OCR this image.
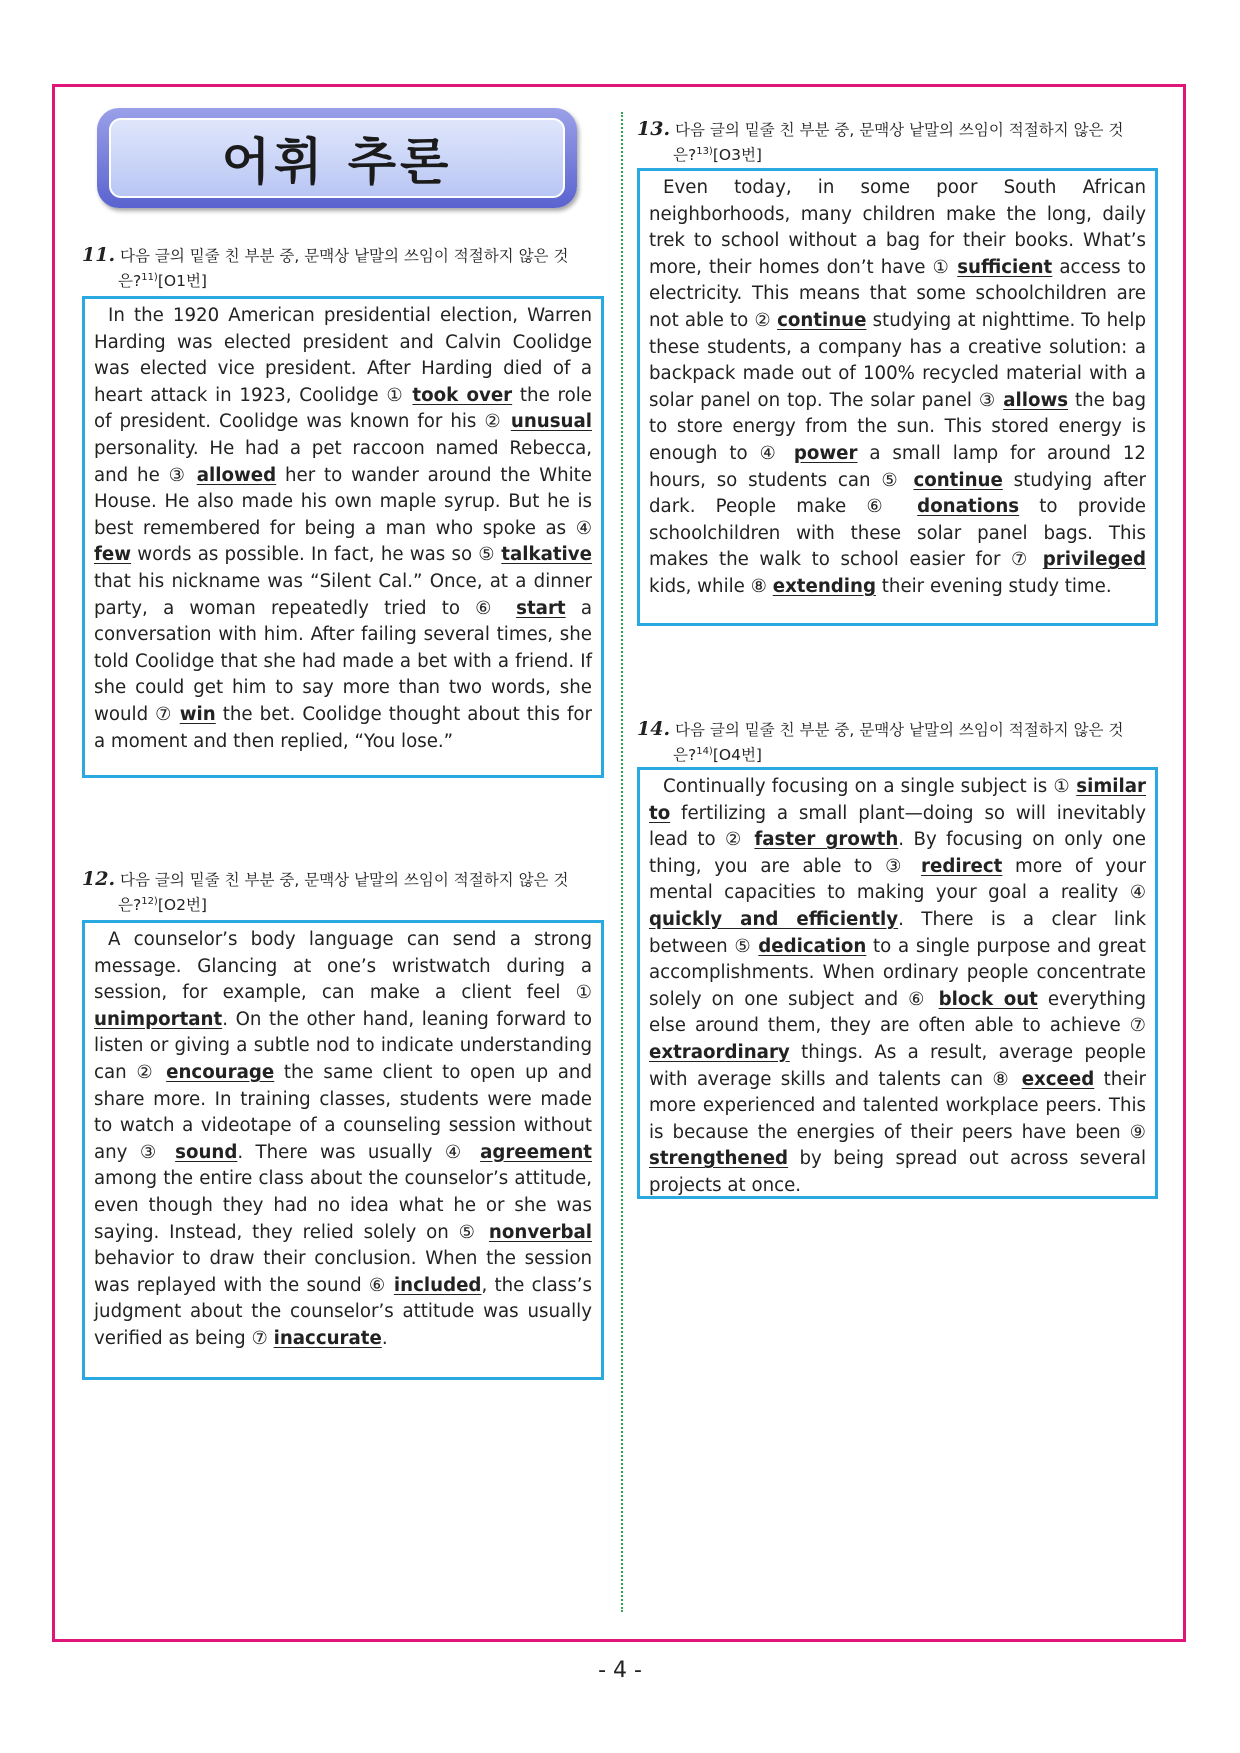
어휘 추론
11. 다음 글의 밑줄 친 부분 중, 문맥상 낱말의 쓰임이 적절하지 않은 것
은?$^{11)}$[O1번]

In the 1920 American presidential election, Warren Harding was elected president and Calvin Coolidge was elected vice president. After Harding died of a heart attack in 1923, Coolidge ① took over the role of president. Coolidge was known for his ② unusual personality. He had a pet raccoon named Rebecca, and he ③ allowed her to wander around the White House. He also made his own maple syrup. But he is best remembered for being a man who spoke as ④ few words as possible. In fact, he was so ⑤ talkative that his nickname was “Silent Cal.” Once, at a dinner party, a woman repeatedly tried to ⑥ start a conversation with him. After failing several times, she told Coolidge that she had made a bet with a friend. If she could get him to say more than two words, she would ⑦ win the bet. Coolidge thought about this for a moment and then replied, “You lose.”

12. 다음 글의 밑줄 친 부분 중, 문맥상 낱말의 쓰임이 적절하지 않은 것
은?$^{12)}$[O2번]

A counselor’s body language can send a strong message. Glancing at one’s wristwatch during a session, for example, can make a client feel ① unimportant. On the other hand, leaning forward to listen or giving a subtle nod to indicate understanding can ② encourage the same client to open up and share more. In training classes, students were made to watch a videotape of a counseling session without any ③ sound. There was usually ④ agreement among the entire class about the counselor’s attitude, even though they had no idea what he or she was saying. Instead, they relied solely on ⑤ nonverbal behavior to draw their conclusion. When the session was replayed with the sound ⑥ included, the class’s judgment about the counselor’s attitude was usually verified as being ⑦ inaccurate.

13. 다음 글의 밑줄 친 부분 중, 문맥상 낱말의 쓰임이 적절하지 않은 것
은?$^{13)}$[O3번]

Even today, in some poor South African neighborhoods, many children make the long, daily trek to school without a bag for their books. What’s more, their homes don’t have ① sufficient access to electricity. This means that some schoolchildren are not able to ② continue studying at nighttime. To help these students, a company has a creative solution: a backpack made out of 100% recycled material with a solar panel on top. The solar panel ③ allows the bag to store energy from the sun. This stored energy is enough to ④ power a small lamp for around 12 hours, so students can ⑤ continue studying after dark. People make ⑥ donations to provide schoolchildren with these solar panel bags. This makes the walk to school easier for ⑦ privileged kids, while ⑧ extending their evening study time.

14. 다음 글의 밑줄 친 부분 중, 문맥상 낱말의 쓰임이 적절하지 않은 것
은?$^{14)}$[O4번]

Continually focusing on a single subject is ① similar to fertilizing a small plant—doing so will inevitably lead to ② faster growth. By focusing on only one thing, you are able to ③ redirect more of your mental capacities to making your goal a reality ④ quickly and efficiently. There is a clear link between ⑤ dedication to a single purpose and great accomplishments. When ordinary people concentrate solely on one subject and ⑥ block out everything else around them, they are often able to achieve ⑦ extraordinary things. As a result, average people with average skills and talents can ⑧ exceed their more experienced and talented workplace peers. This is because the energies of their peers have been ⑨ strengthened by being spread out across several projects at once.

- 4 -
